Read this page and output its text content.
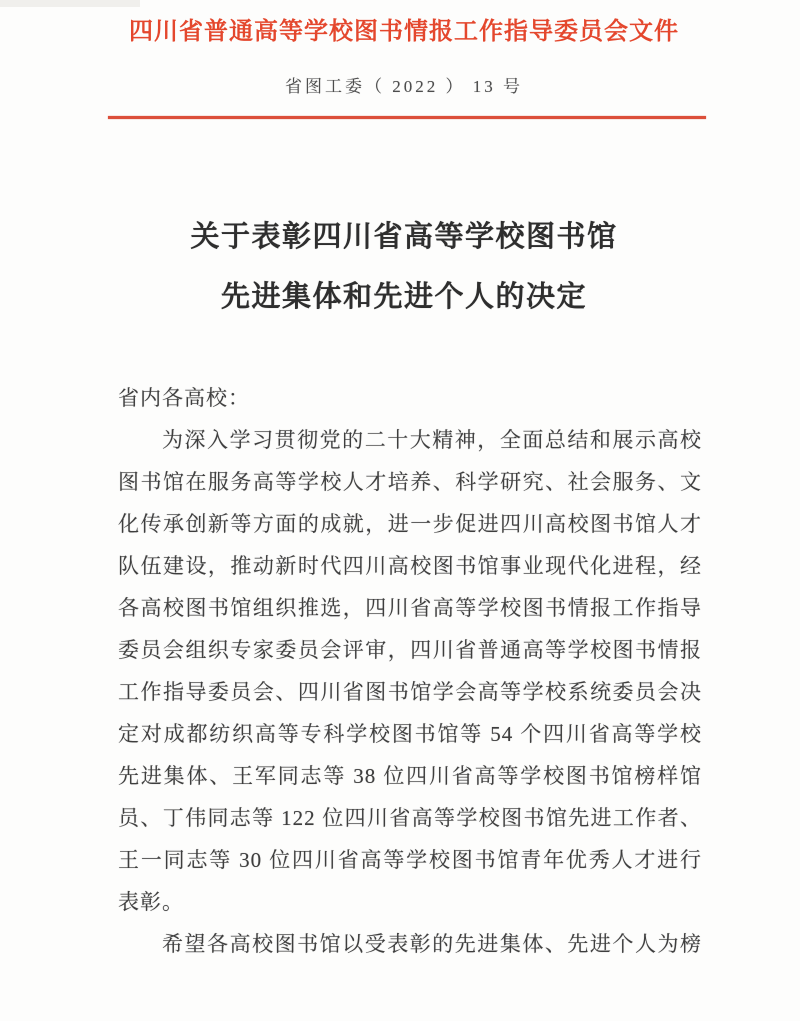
四川省普通高等学校图书情报工作指导委员会文件
省图工委（ 2022 ） 13 号
关于表彰四川省高等学校图书馆
先进集体和先进个人的决定
省内各高校：
为深入学习贯彻党的二十大精神，全面总结和展示高校
图书馆在服务高等学校人才培养、科学研究、社会服务、文
化传承创新等方面的成就，进一步促进四川高校图书馆人才
队伍建设，推动新时代四川高校图书馆事业现代化进程，经
各高校图书馆组织推选，四川省高等学校图书情报工作指导
委员会组织专家委员会评审，四川省普通高等学校图书情报
工作指导委员会、四川省图书馆学会高等学校系统委员会决
定对成都纺织高等专科学校图书馆等 54 个四川省高等学校
先进集体、王军同志等 38 位四川省高等学校图书馆榜样馆
员、丁伟同志等 122 位四川省高等学校图书馆先进工作者、
王一同志等 30 位四川省高等学校图书馆青年优秀人才进行
表彰。
希望各高校图书馆以受表彰的先进集体、先进个人为榜
